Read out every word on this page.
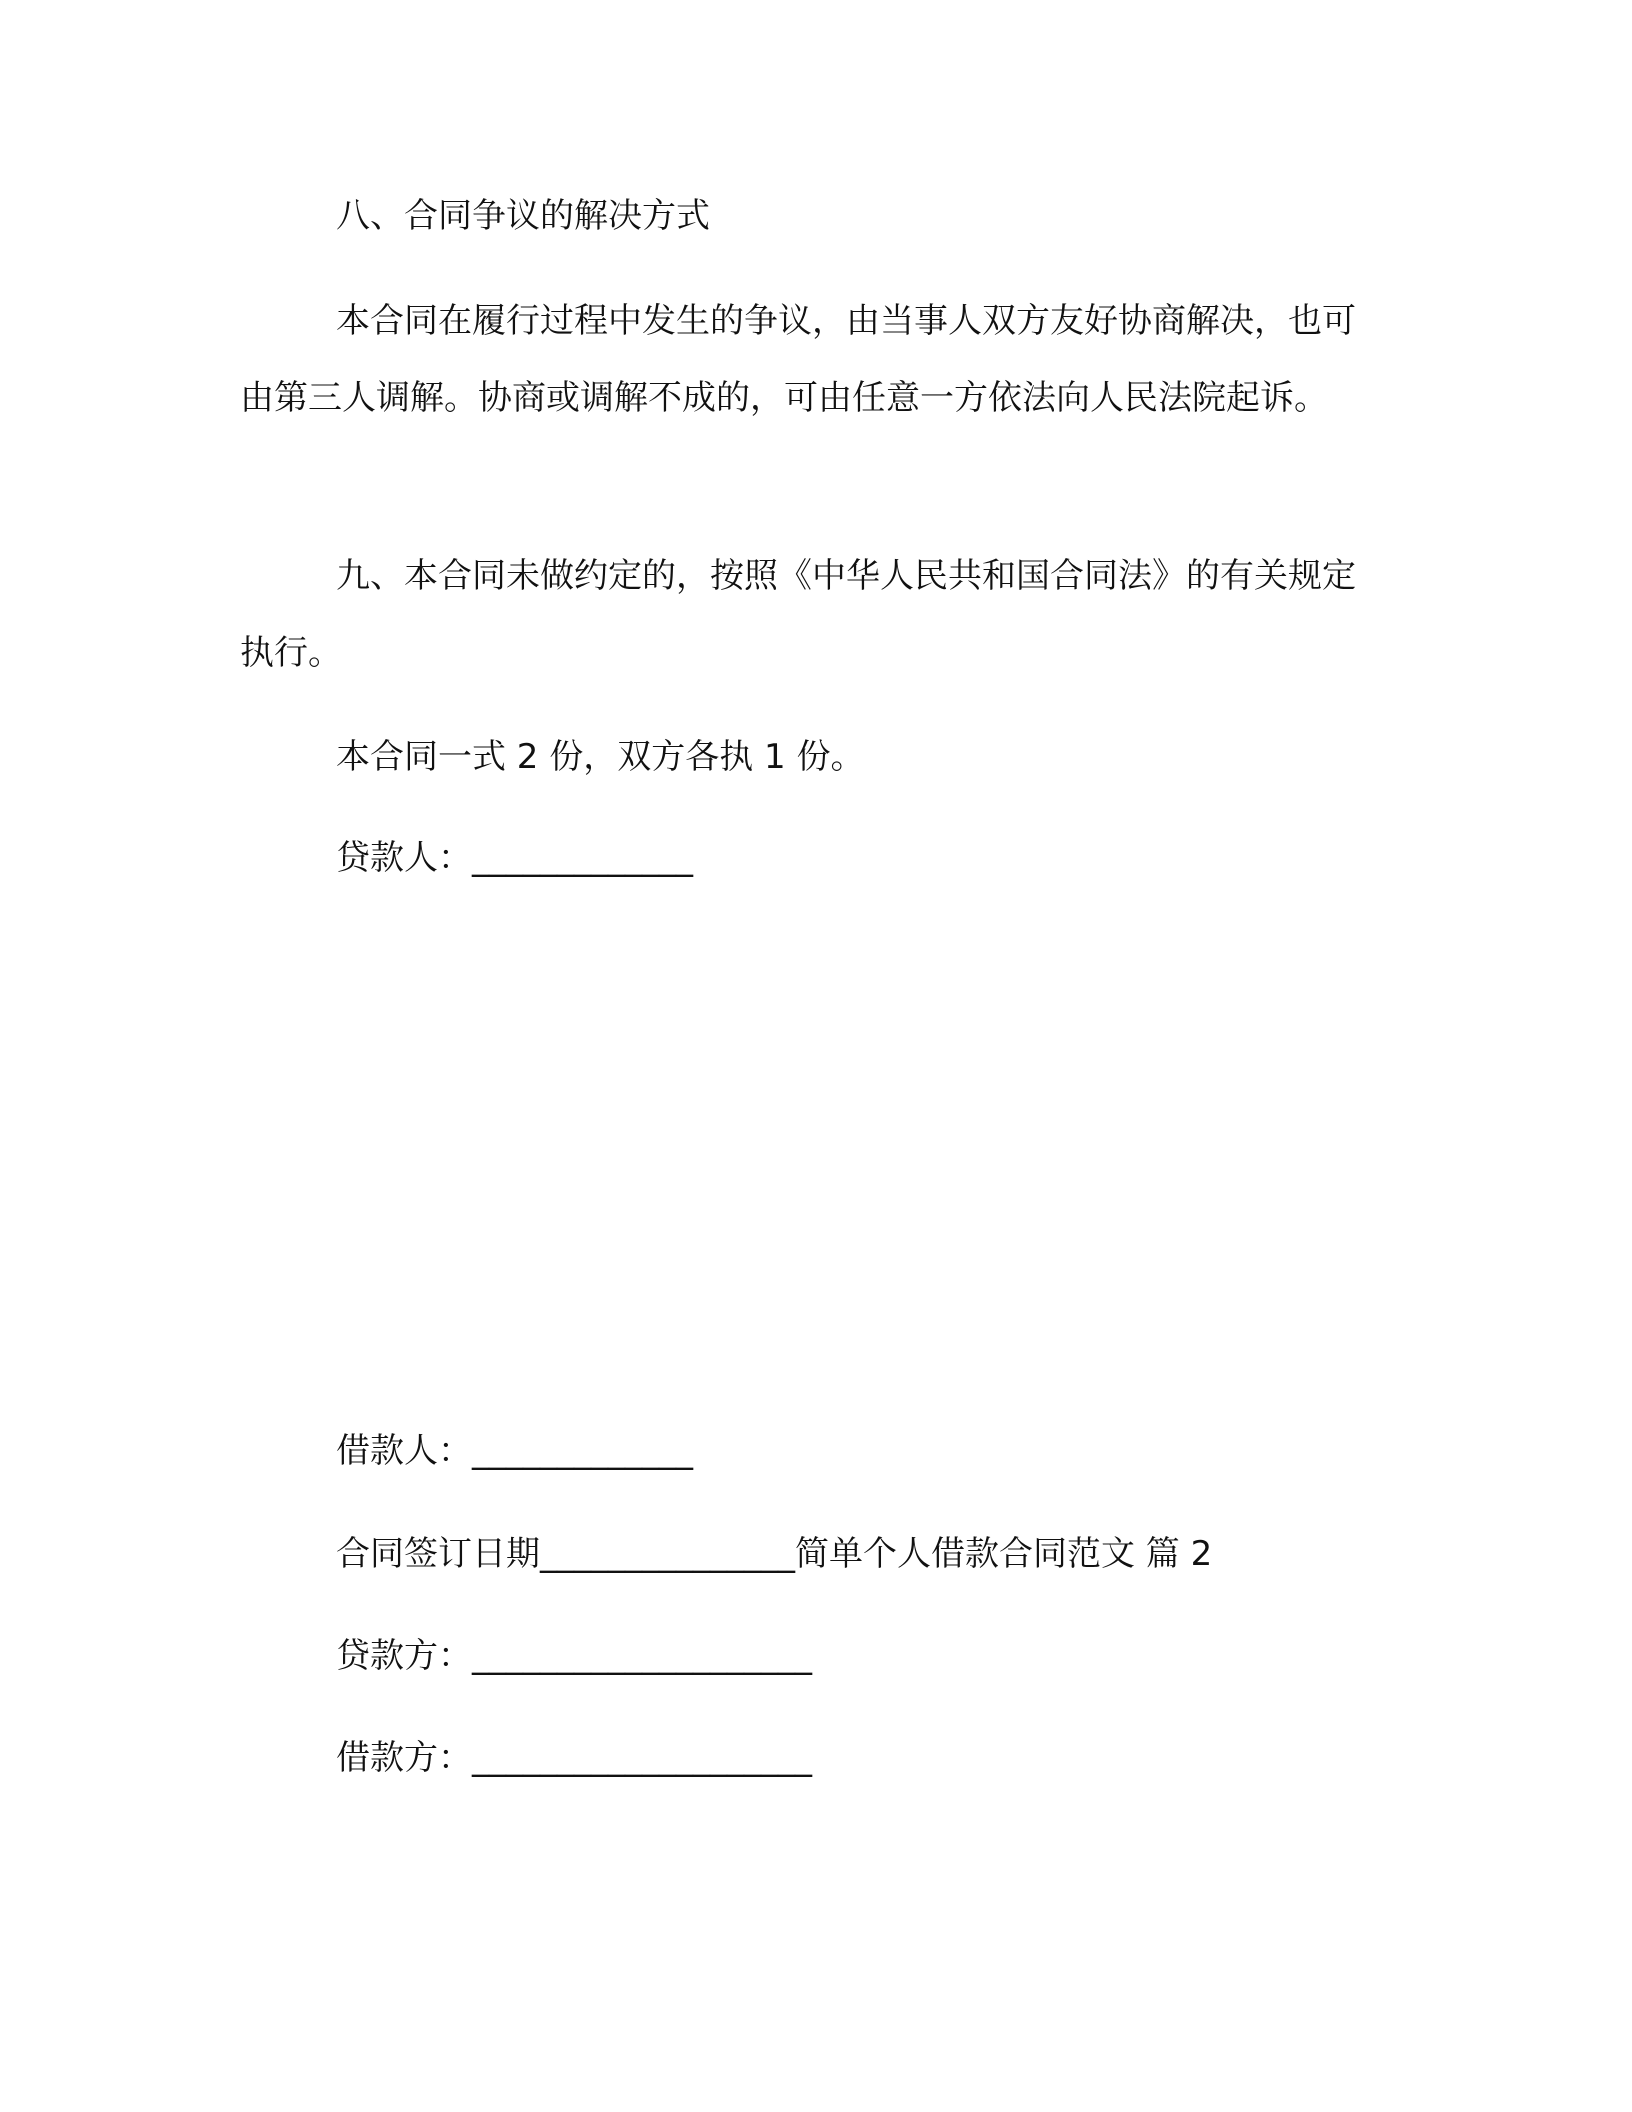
八、合同争议的解决方式

本合同在履行过程中发生的争议，由当事人双方友好协商解决，也可由第三人调解。协商或调解不成的，可由任意一方依法向人民法院起诉。

九、本合同未做约定的，按照《中华人民共和国合同法》的有关规定执行。

本合同一式 2 份，双方各执 1 份。

贷款人：_____________

借款人：_____________

合同签订日期_______________简单个人借款合同范文 篇 2

贷款方：____________________

借款方：____________________
